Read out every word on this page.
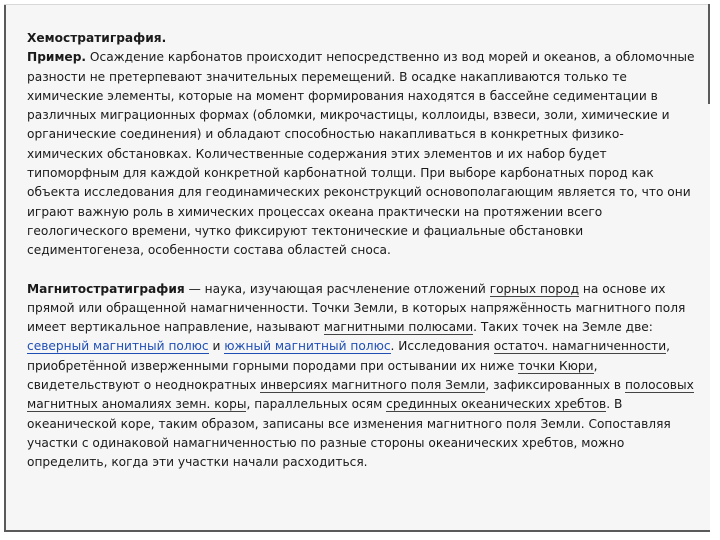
Хемостратиграфия.
Пример. Осаждение карбонатов происходит непосредственно из вод морей и океанов, а обломочные разности не претерпевают значительных перемещений. В осадке накапливаются только те химические элементы, которые на момент формирования находятся в бассейне седиментации в различных миграционных формах (обломки, микрочастицы, коллоиды, взвеси, золи, химические и органические соединения) и обладают способностью накапливаться в конкретных физико-химических обстановках. Количественные содержания этих элементов и их набор будет типоморфным для каждой конкретной карбонатной толщи. При выборе карбонатных пород как объекта исследования для геодинамических реконструкций основополагающим является то, что они играют важную роль в химических процессах океана практически на протяжении всего геологического времени, чутко фиксируют тектонические и фациальные обстановки седиментогенеза, особенности состава областей сноса.

Магнитостратиграфия — наука, изучающая расчленение отложений горных пород на основе их прямой или обращенной намагниченности. Точки Земли, в которых напряжённость магнитного поля имеет вертикальное направление, называют магнитными полюсами. Таких точек на Земле две: северный магнитный полюс и южный магнитный полюс. Исследования остаточ. намагниченности, приобретённой изверженными горными породами при остывании их ниже точки Кюри, свидетельствуют о неоднократных инверсиях магнитного поля Земли, зафиксированных в полосовых магнитных аномалиях земн. коры, параллельных осям срединных океанических хребтов. В океанической коре, таким образом, записаны все изменения магнитного поля Земли. Сопоставляя участки с одинаковой намагниченностью по разные стороны океанических хребтов, можно определить, когда эти участки начали расходиться.
